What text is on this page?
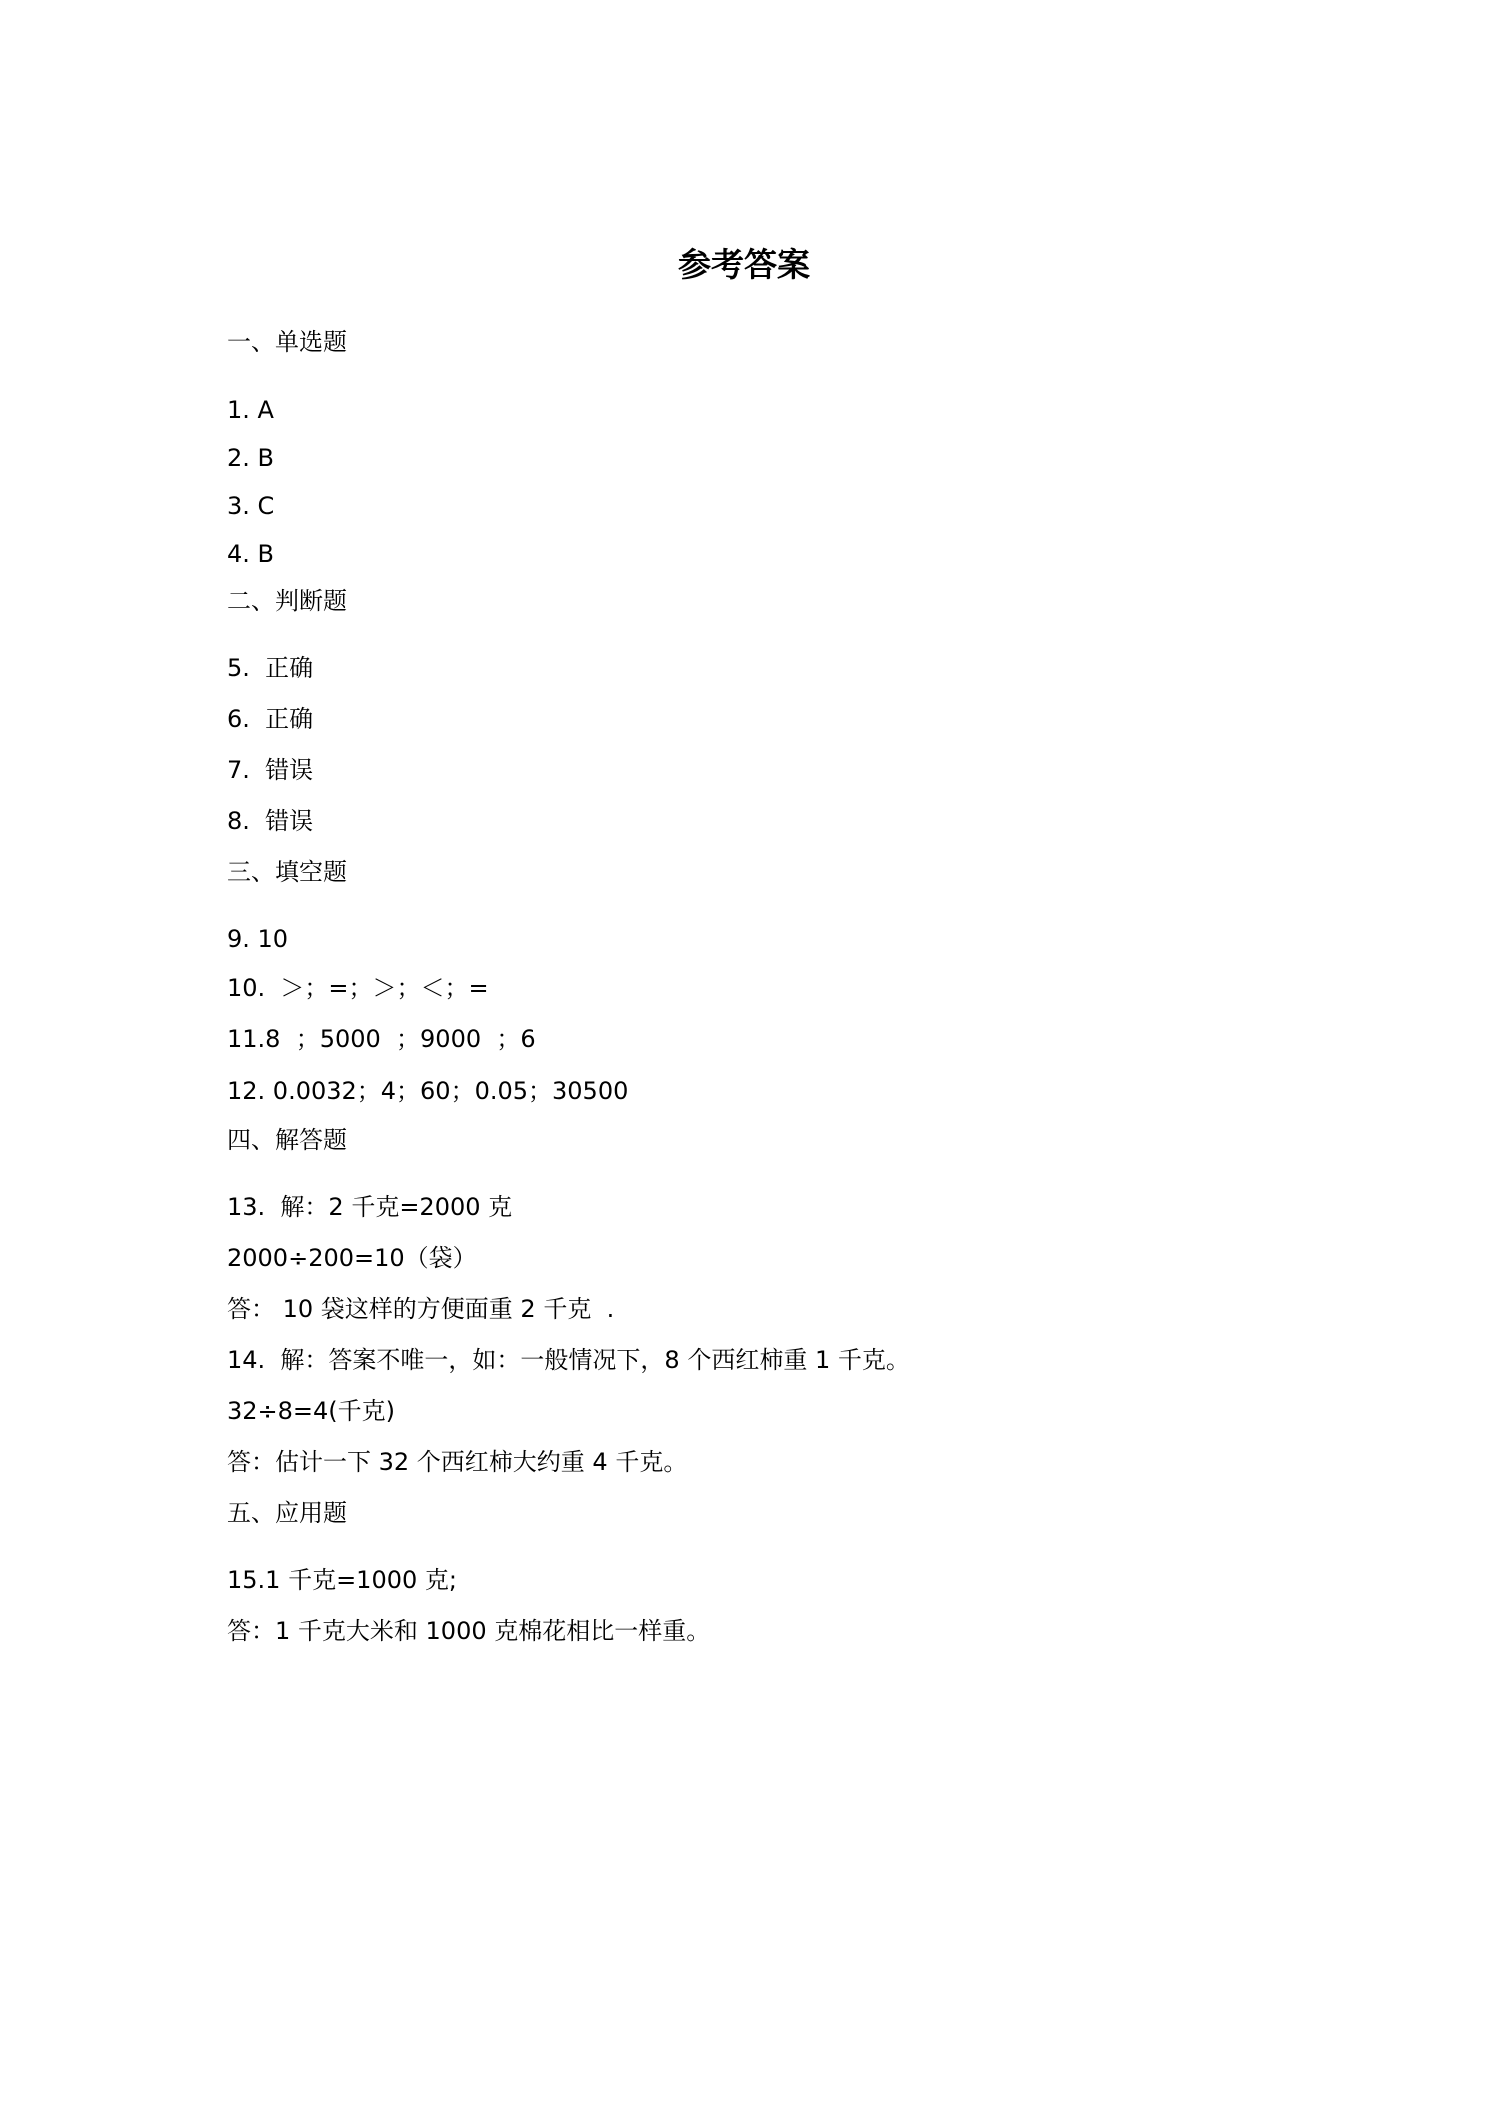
参考答案
一、单选题
1. A
2. B
3. C
4. B
二、判断题
5.  正确
6.  正确
7.  错误
8.  错误
三、填空题
9. 10
10.  ＞；=；＞；＜；=
11.8  ；5000  ；9000  ；6
12. 0.0032；4；60；0.05；30500
四、解答题
13.  解：2 千克=2000 克
2000÷200=10（袋）
答： 10 袋这样的方便面重 2 千克  .
14.  解：答案不唯一，如：一般情况下，8 个西红柿重 1 千克。
32÷8=4(千克)
答：估计一下 32 个西红柿大约重 4 千克。
五、应用题
15.1 千克=1000 克;
答：1 千克大米和 1000 克棉花相比一样重。
